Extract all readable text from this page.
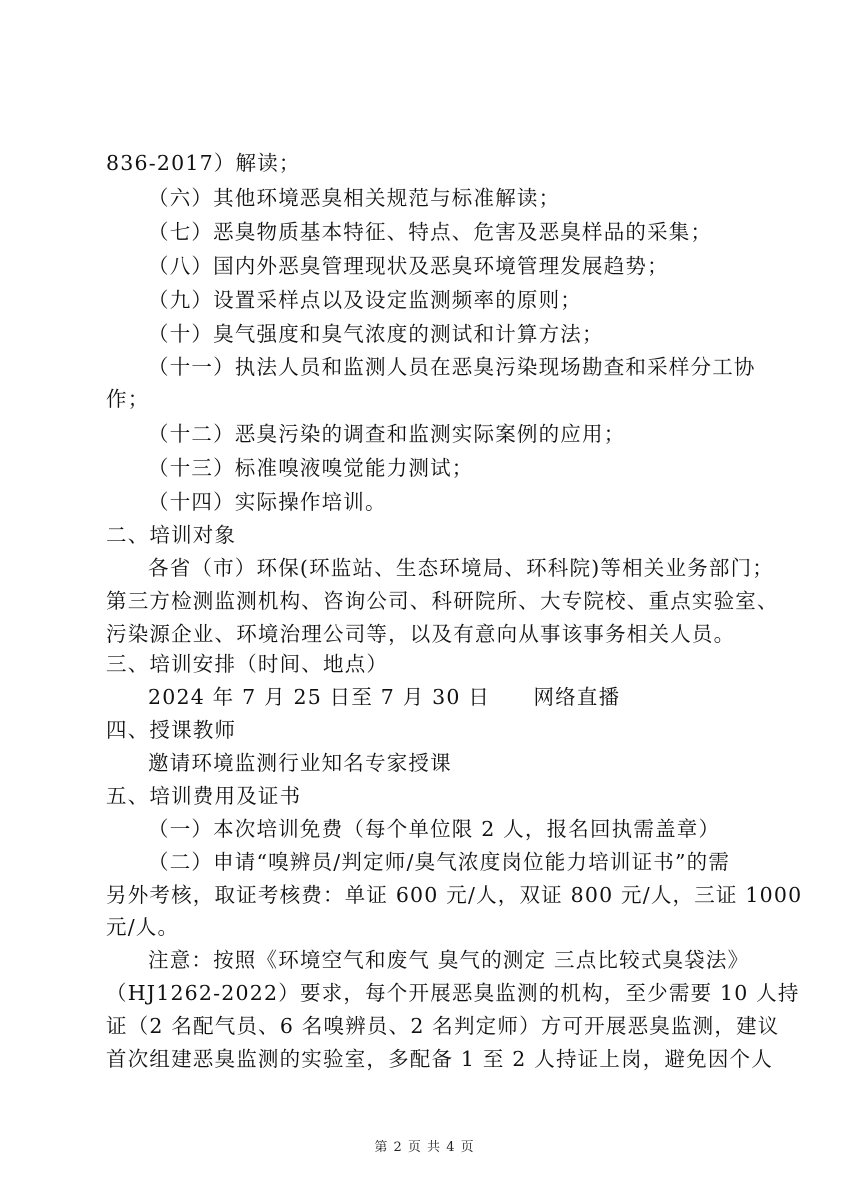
836-2017）解读；
（六）其他环境恶臭相关规范与标准解读；
（七）恶臭物质基本特征、特点、危害及恶臭样品的采集；
（八）国内外恶臭管理现状及恶臭环境管理发展趋势；
（九）设置采样点以及设定监测频率的原则；
（十）臭气强度和臭气浓度的测试和计算方法；
（十一）执法人员和监测人员在恶臭污染现场勘查和采样分工协
作；
（十二）恶臭污染的调查和监测实际案例的应用；
（十三）标准嗅液嗅觉能力测试；
（十四）实际操作培训。
二、培训对象
各省（市）环保(环监站、生态环境局、环科院)等相关业务部门；
第三方检测监测机构、咨询公司、科研院所、大专院校、重点实验室、
污染源企业、环境治理公司等，以及有意向从事该事务相关人员。
三、培训安排（时间、地点）
2024 年 7 月 25 日至 7 月 30 日　　网络直播
四、授课教师
邀请环境监测行业知名专家授课
五、培训费用及证书
（一）本次培训免费（每个单位限 2 人，报名回执需盖章）
（二）申请“嗅辨员/判定师/臭气浓度岗位能力培训证书”的需
另外考核，取证考核费：单证 600 元/人，双证 800 元/人，三证 1000
元/人。
注意：按照《环境空气和废气 臭气的测定 三点比较式臭袋法》
（HJ1262-2022）要求，每个开展恶臭监测的机构，至少需要 10 人持
证（2 名配气员、6 名嗅辨员、2 名判定师）方可开展恶臭监测，建议
首次组建恶臭监测的实验室，多配备 1 至 2 人持证上岗，避免因个人
第 2 页 共 4 页
